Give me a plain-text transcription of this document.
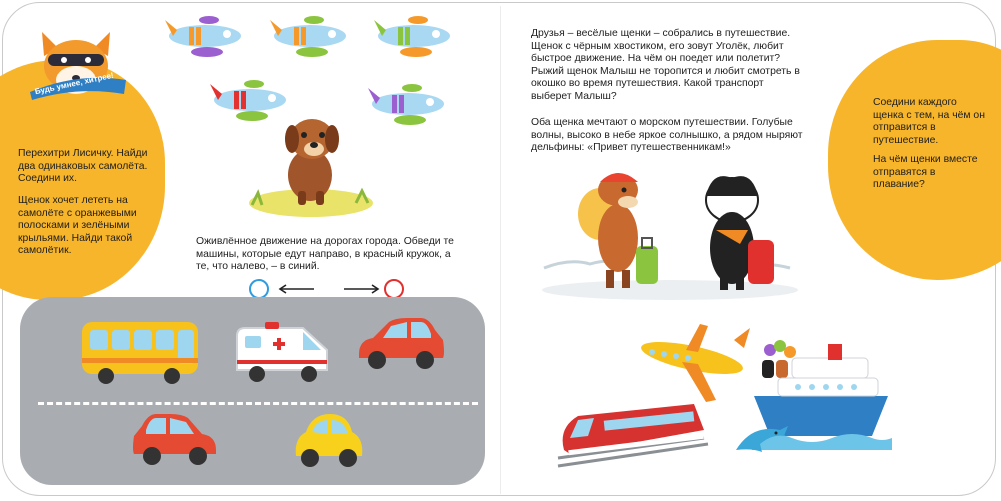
Будь умнее, хитрее!
Перехитри Лисичку. Найди два одинаковых самолёта. Соедини их.
Щенок хочет лететь на самолёте с оранжевыми полосками и зелёными крыльями. Найди такой самолётик.
Оживлённое движение на дорогах города. Обведи те машины, которые едут направо, в красный кружок, а те, что налево, – в синий.
Друзья – весёлые щенки – собрались в путешествие. Щенок с чёрным хвостиком, его зовут Уголёк, любит быстрое движение. На чём он поедет или полетит? Рыжий щенок Малыш не торопится и любит смотреть в окошко во время путешествия. Какой транспорт выберет Малыш?
Оба щенка мечтают о морском путешествии. Голубые волны, высоко в небе яркое солнышко, а рядом ныряют дельфины: «Привет путешественникам!»
Соедини каждого щенка с тем, на чём он отправится в путешествие.
На чём щенки вместе отправятся в плавание?
